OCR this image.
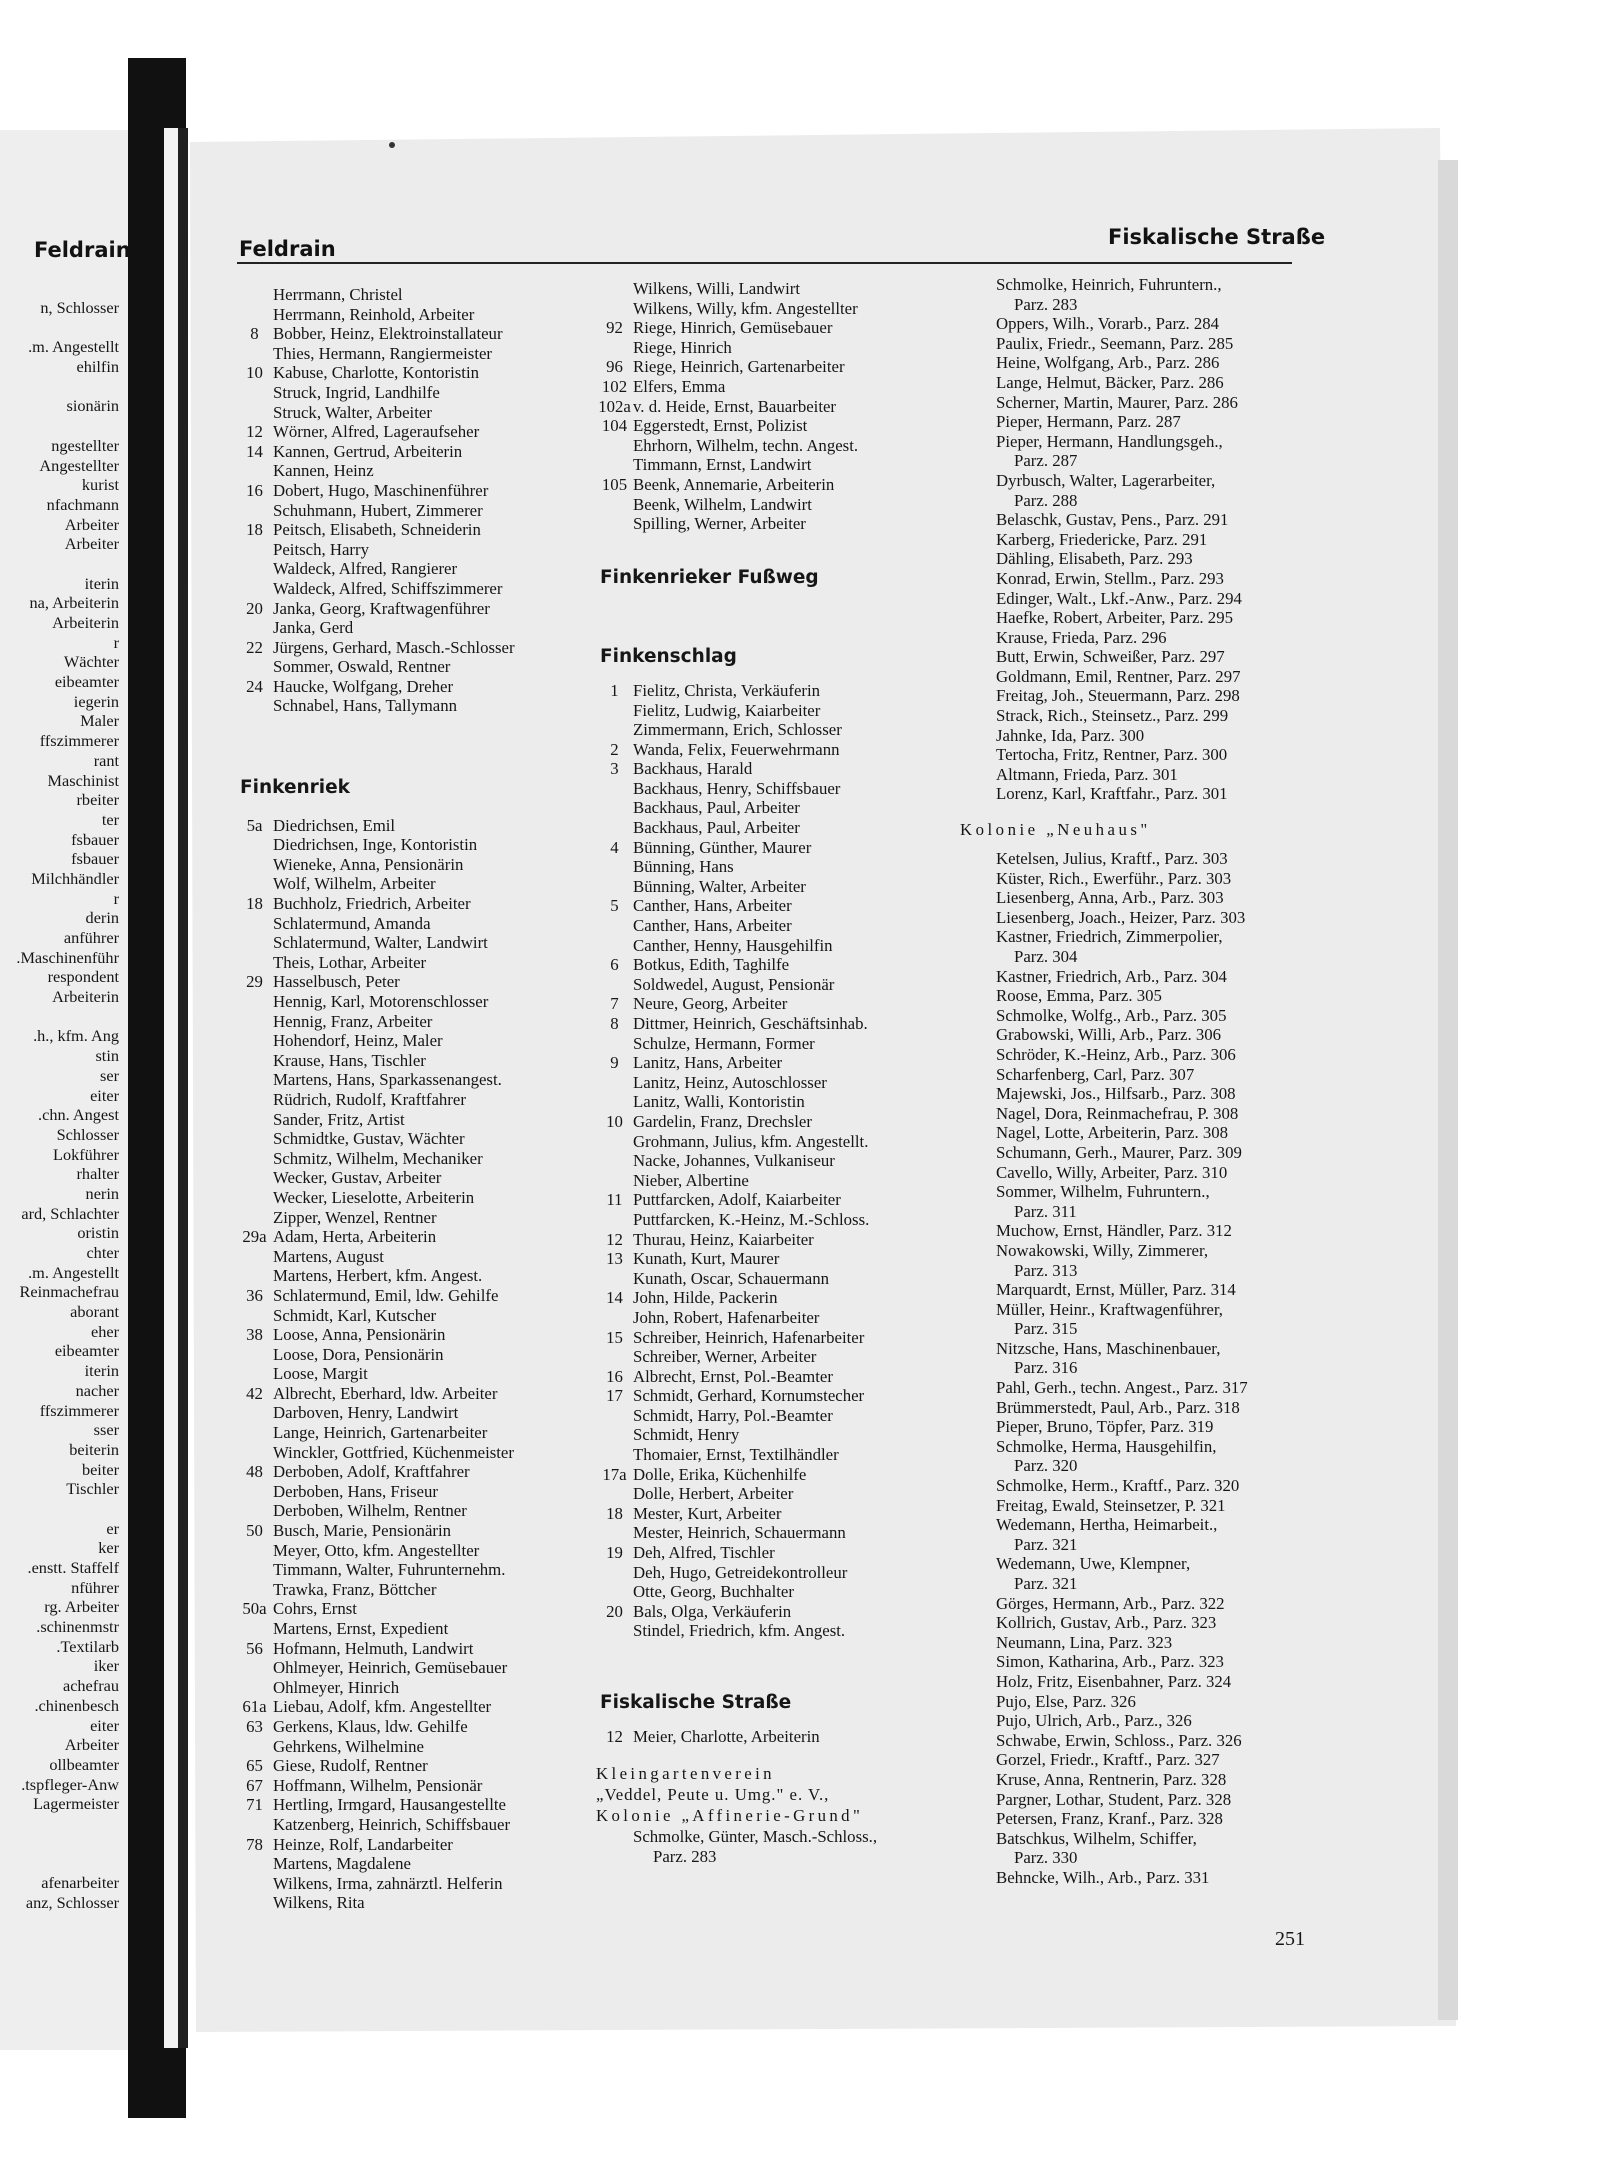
n, Schlosser
m. Angestellt.
ehilfin
sionärin
ngestellter
Angestellter
kurist
nfachmann
Arbeiter
Arbeiter
iterin
na, Arbeiterin
Arbeiterin
r
Wächter
eibeamter
iegerin
Maler
ffszimmerer
rant
Maschinist
rbeiter
ter
fsbauer
fsbauer
Milchhändler
r
derin
anführer
Maschinenführ.
respondent
Arbeiterin
h., kfm. Ang.
stin
ser
eiter
chn. Angest.
Schlosser
Lokführer
rhalter
nerin
ard, Schlachter
oristin
chter
m. Angestellt.
Reinmachefrau
aborant
eher
eibeamter
iterin
nacher
ffszimmerer
sser
beiterin
beiter
Tischler
er
ker
enstt. Staffelf.
nführer
rg. Arbeiter
schinenmstr.
Textilarb.
iker
achefrau
chinenbesch.
eiter
Arbeiter
ollbeamter
tspfleger-Anw.
Lagermeister
afenarbeiter
anz, Schlosser
Feldrain	Feldrain	Fiskalische Straße
Herrmann, Christel
Herrmann, Reinhold, Arbeiter
8 Bobber, Heinz, Elektroinstallateur
Thies, Hermann, Rangiermeister
10 Kabuse, Charlotte, Kontoristin
Struck, Ingrid, Landhilfe
Struck, Walter, Arbeiter
12 Wörner, Alfred, Lageraufseher
14 Kannen, Gertrud, Arbeiterin
Kannen, Heinz
16 Dobert, Hugo, Maschinenführer
Schuhmann, Hubert, Zimmerer
18 Peitsch, Elisabeth, Schneiderin
Peitsch, Harry
Waldeck, Alfred, Rangierer
Waldeck, Alfred, Schiffszimmerer
20 Janka, Georg, Kraftwagenführer
Janka, Gerd
22 Jürgens, Gerhard, Masch.-Schlosser
Sommer, Oswald, Rentner
24 Haucke, Wolfgang, Dreher
Schnabel, Hans, Tallymann
Finkenriek
5a Diedrichsen, Emil
Diedrichsen, Inge, Kontoristin
Wieneke, Anna, Pensionärin
Wolf, Wilhelm, Arbeiter
18 Buchholz, Friedrich, Arbeiter
Schlatermund, Amanda
Schlatermund, Walter, Landwirt
Theis, Lothar, Arbeiter
29 Hasselbusch, Peter
Hennig, Karl, Motorenschlosser
Hennig, Franz, Arbeiter
Hohendorf, Heinz, Maler
Krause, Hans, Tischler
Martens, Hans, Sparkassenangest.
Rüdrich, Rudolf, Kraftfahrer
Sander, Fritz, Artist
Schmidtke, Gustav, Wächter
Schmitz, Wilhelm, Mechaniker
Wecker, Gustav, Arbeiter
Wecker, Lieselotte, Arbeiterin
Zipper, Wenzel, Rentner
29a Adam, Herta, Arbeiterin
Martens, August
Martens, Herbert, kfm. Angest.
36 Schlatermund, Emil, ldw. Gehilfe
Schmidt, Karl, Kutscher
38 Loose, Anna, Pensionärin
Loose, Dora, Pensionärin
Loose, Margit
42 Albrecht, Eberhard, ldw. Arbeiter
Darboven, Henry, Landwirt
Lange, Heinrich, Gartenarbeiter
Winckler, Gottfried, Küchenmeister
48 Derboben, Adolf, Kraftfahrer
Derboben, Hans, Friseur
Derboben, Wilhelm, Rentner
50 Busch, Marie, Pensionärin
Meyer, Otto, kfm. Angestellter
Timmann, Walter, Fuhrunternehm.
Trawka, Franz, Böttcher
50a Cohrs, Ernst
Martens, Ernst, Expedient
56 Hofmann, Helmuth, Landwirt
Ohlmeyer, Heinrich, Gemüsebauer
Ohlmeyer, Hinrich
61a Liebau, Adolf, kfm. Angestellter
63 Gerkens, Klaus, ldw. Gehilfe
Gehrkens, Wilhelmine
65 Giese, Rudolf, Rentner
67 Hoffmann, Wilhelm, Pensionär
71 Hertling, Irmgard, Hausangestellte
Katzenberg, Heinrich, Schiffsbauer
78 Heinze, Rolf, Landarbeiter
Martens, Magdalene
Wilkens, Irma, zahnärztl. Helferin
Wilkens, Rita
Wilkens, Willi, Landwirt
Wilkens, Willy, kfm. Angestellter
92 Riege, Hinrich, Gemüsebauer
Riege, Hinrich
96 Riege, Heinrich, Gartenarbeiter
102 Elfers, Emma
102a v. d. Heide, Ernst, Bauarbeiter
104 Eggerstedt, Ernst, Polizist
Ehrhorn, Wilhelm, techn. Angest.
Timmann, Ernst, Landwirt
105 Beenk, Annemarie, Arbeiterin
Beenk, Wilhelm, Landwirt
Spilling, Werner, Arbeiter
Finkenrieker Fußweg
Finkenschlag
1 Fielitz, Christa, Verkäuferin
Fielitz, Ludwig, Kaiarbeiter
Zimmermann, Erich, Schlosser
2 Wanda, Felix, Feuerwehrmann
3 Backhaus, Harald
Backhaus, Henry, Schiffsbauer
Backhaus, Paul, Arbeiter
Backhaus, Paul, Arbeiter
4 Bünning, Günther, Maurer
Bünning, Hans
Bünning, Walter, Arbeiter
5 Canther, Hans, Arbeiter
Canther, Hans, Arbeiter
Canther, Henny, Hausgehilfin
6 Botkus, Edith, Taghilfe
Soldwedel, August, Pensionär
7 Neure, Georg, Arbeiter
8 Dittmer, Heinrich, Geschäftsinhab.
Schulze, Hermann, Former
9 Lanitz, Hans, Arbeiter
Lanitz, Heinz, Autoschlosser
Lanitz, Walli, Kontoristin
10 Gardelin, Franz, Drechsler
Grohmann, Julius, kfm. Angestellt.
Nacke, Johannes, Vulkaniseur
Nieber, Albertine
11 Puttfarcken, Adolf, Kaiarbeiter
Puttfarcken, K.-Heinz, M.-Schloss.
12 Thurau, Heinz, Kaiarbeiter
13 Kunath, Kurt, Maurer
Kunath, Oscar, Schauermann
14 John, Hilde, Packerin
John, Robert, Hafenarbeiter
15 Schreiber, Heinrich, Hafenarbeiter
Schreiber, Werner, Arbeiter
16 Albrecht, Ernst, Pol.-Beamter
17 Schmidt, Gerhard, Kornumstecher
Schmidt, Harry, Pol.-Beamter
Schmidt, Henry
Thomaier, Ernst, Textilhändler
17a Dolle, Erika, Küchenhilfe
Dolle, Herbert, Arbeiter
18 Mester, Kurt, Arbeiter
Mester, Heinrich, Schauermann
19 Deh, Alfred, Tischler
Deh, Hugo, Getreidekontrolleur
Otte, Georg, Buchhalter
20 Bals, Olga, Verkäuferin
Stindel, Friedrich, kfm. Angest.
Fiskalische Straße
12 Meier, Charlotte, Arbeiterin
Kleingartenverein
„Veddel, Peute u. Umg." e. V.,
Kolonie „Affinerie-Grund"
Schmolke, Günter, Masch.-Schloss.,
Parz. 283
Schmolke, Heinrich, Fuhruntern.,
Parz. 283
Oppers, Wilh., Vorarb., Parz. 284
Paulix, Friedr., Seemann, Parz. 285
Heine, Wolfgang, Arb., Parz. 286
Lange, Helmut, Bäcker, Parz. 286
Scherner, Martin, Maurer, Parz. 286
Pieper, Hermann, Parz. 287
Pieper, Hermann, Handlungsgeh.,
Parz. 287
Dyrbusch, Walter, Lagerarbeiter,
Parz. 288
Belaschk, Gustav, Pens., Parz. 291
Karberg, Friedericke, Parz. 291
Dähling, Elisabeth, Parz. 293
Konrad, Erwin, Stellm., Parz. 293
Edinger, Walt., Lkf.-Anw., Parz. 294
Haefke, Robert, Arbeiter, Parz. 295
Krause, Frieda, Parz. 296
Butt, Erwin, Schweißer, Parz. 297
Goldmann, Emil, Rentner, Parz. 297
Freitag, Joh., Steuermann, Parz. 298
Strack, Rich., Steinsetz., Parz. 299
Jahnke, Ida, Parz. 300
Tertocha, Fritz, Rentner, Parz. 300
Altmann, Frieda, Parz. 301
Lorenz, Karl, Kraftfahr., Parz. 301
Kolonie „Neuhaus"
Ketelsen, Julius, Kraftf., Parz. 303
Küster, Rich., Ewerführ., Parz. 303
Liesenberg, Anna, Arb., Parz. 303
Liesenberg, Joach., Heizer, Parz. 303
Kastner, Friedrich, Zimmerpolier,
Parz. 304
Kastner, Friedrich, Arb., Parz. 304
Roose, Emma, Parz. 305
Schmolke, Wolfg., Arb., Parz. 305
Grabowski, Willi, Arb., Parz. 306
Schröder, K.-Heinz, Arb., Parz. 306
Scharfenberg, Carl, Parz. 307
Majewski, Jos., Hilfsarb., Parz. 308
Nagel, Dora, Reinmachefrau, P. 308
Nagel, Lotte, Arbeiterin, Parz. 308
Schumann, Gerh., Maurer, Parz. 309
Cavello, Willy, Arbeiter, Parz. 310
Sommer, Wilhelm, Fuhruntern.,
Parz. 311
Muchow, Ernst, Händler, Parz. 312
Nowakowski, Willy, Zimmerer,
Parz. 313
Marquardt, Ernst, Müller, Parz. 314
Müller, Heinr., Kraftwagenführer,
Parz. 315
Nitzsche, Hans, Maschinenbauer,
Parz. 316
Pahl, Gerh., techn. Angest., Parz. 317
Brümmerstedt, Paul, Arb., Parz. 318
Pieper, Bruno, Töpfer, Parz. 319
Schmolke, Herma, Hausgehilfin,
Parz. 320
Schmolke, Herm., Kraftf., Parz. 320
Freitag, Ewald, Steinsetzer, P. 321
Wedemann, Hertha, Heimarbeit.,
Parz. 321
Wedemann, Uwe, Klempner,
Parz. 321
Görges, Hermann, Arb., Parz. 322
Kollrich, Gustav, Arb., Parz. 323
Neumann, Lina, Parz. 323
Simon, Katharina, Arb., Parz. 323
Holz, Fritz, Eisenbahner, Parz. 324
Pujo, Else, Parz. 326
Pujo, Ulrich, Arb., Parz., 326
Schwabe, Erwin, Schloss., Parz. 326
Gorzel, Friedr., Kraftf., Parz. 327
Kruse, Anna, Rentnerin, Parz. 328
Pargner, Lothar, Student, Parz. 328
Petersen, Franz, Kranf., Parz. 328
Batschkus, Wilhelm, Schiffer,
Parz. 330
Behncke, Wilh., Arb., Parz. 331
251
